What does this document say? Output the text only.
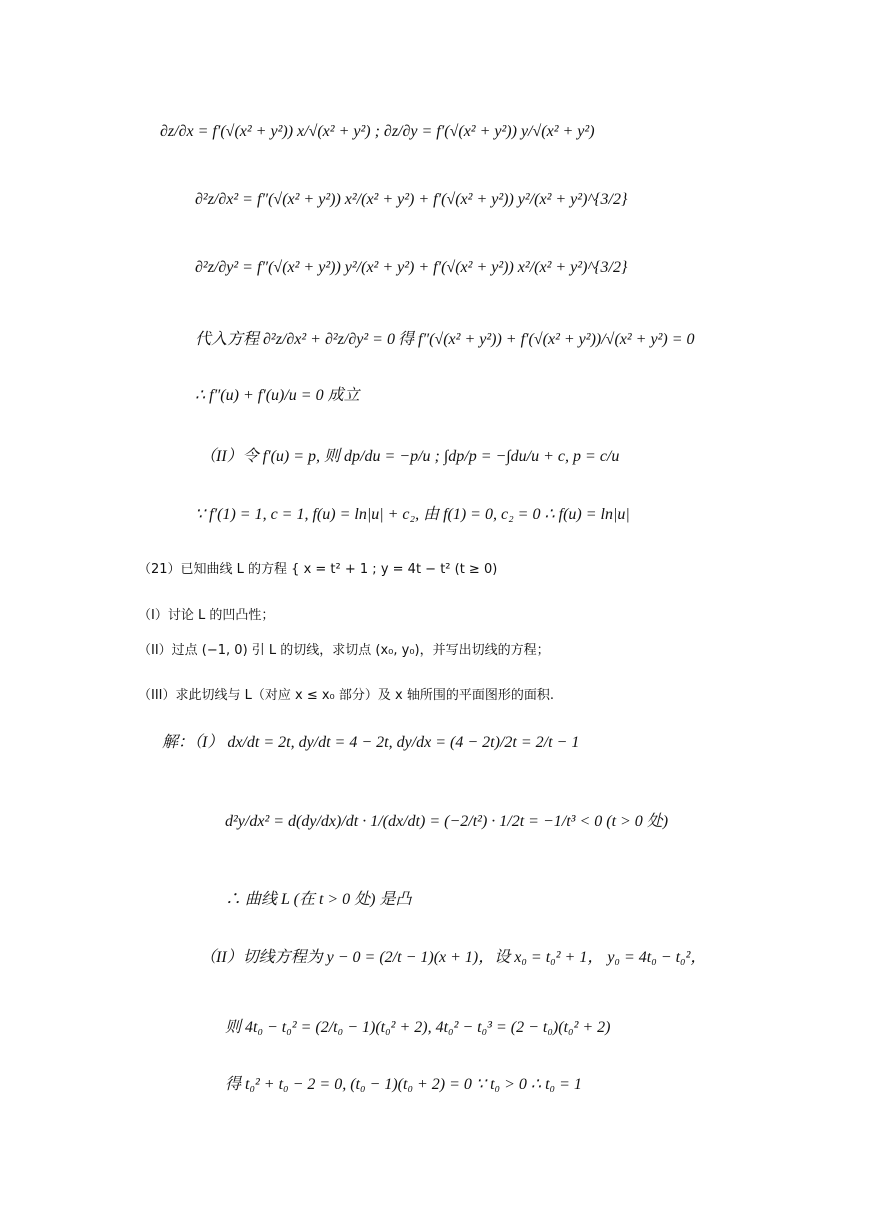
∂z/∂x = f′(√(x² + y²)) x/√(x² + y²) ; ∂z/∂y = f′(√(x² + y²)) y/√(x² + y²)
∂²z/∂x² = f″(√(x² + y²)) x²/(x² + y²) + f′(√(x² + y²)) y²/(x² + y²)^{3/2}
∂²z/∂y² = f″(√(x² + y²)) y²/(x² + y²) + f′(√(x² + y²)) x²/(x² + y²)^{3/2}
代入方程 ∂²z/∂x² + ∂²z/∂y² = 0 得 f″(√(x² + y²)) + f′(√(x² + y²))/√(x² + y²) = 0
∴ f″(u) + f′(u)/u = 0 成立
（II）令 f′(u) = p, 则 dp/du = −p/u ; ∫dp/p = −∫du/u + c, p = c/u
∵ f′(1) = 1, c = 1, f(u) = ln|u| + c₂, 由 f(1) = 0, c₂ = 0 ∴ f(u) = ln|u|
（21）已知曲线 L 的方程 { x = t² + 1 ; y = 4t − t² (t ≥ 0)
（I）讨论 L 的凹凸性；
（II）过点 (−1, 0) 引 L 的切线，求切点 (x₀, y₀)，并写出切线的方程；
（III）求此切线与 L（对应 x ≤ x₀ 部分）及 x 轴所围的平面图形的面积.
解：（I） dx/dt = 2t, dy/dt = 4 − 2t, dy/dx = (4 − 2t)/2t = 2/t − 1
d²y/dx² = d(dy/dx)/dt · 1/(dx/dt) = (−2/t²) · 1/2t = −1/t³ < 0 (t > 0 处)
∴ 曲线 L (在 t > 0 处) 是凸
（II）切线方程为 y − 0 = (2/t − 1)(x + 1)，设 x₀ = t₀² + 1， y₀ = 4t₀ − t₀²，
则 4t₀ − t₀² = (2/t₀ − 1)(t₀² + 2), 4t₀² − t₀³ = (2 − t₀)(t₀² + 2)
得 t₀² + t₀ − 2 = 0, (t₀ − 1)(t₀ + 2) = 0 ∵ t₀ > 0 ∴ t₀ = 1
